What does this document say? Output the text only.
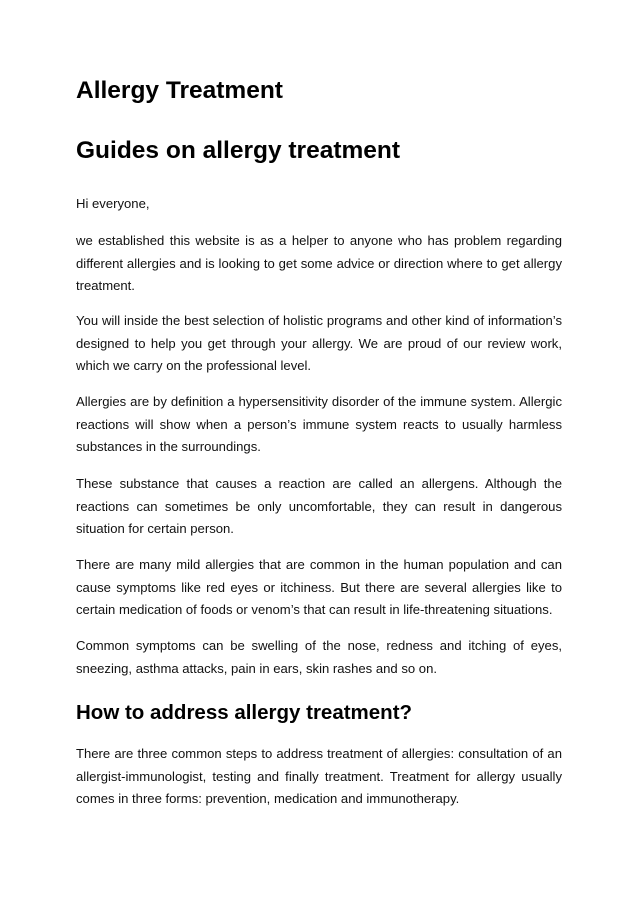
Allergy Treatment
Guides on allergy treatment

Hi everyone,

we established this website is as a helper to anyone who has problem regarding different allergies and is looking to get some advice or direction where to get allergy treatment.

You will inside the best selection of holistic programs and other kind of information’s designed to help you get through your allergy. We are proud of our review work, which we carry on the professional level.

Allergies are by definition a hypersensitivity disorder of the immune system. Allergic reactions will show when a person’s immune system reacts to usually harmless substances in the surroundings.

These substance that causes a reaction are called an allergens. Although the reactions can sometimes be only uncomfortable, they can result in dangerous situation for certain person.

There are many mild allergies that are common in the human population and can cause symptoms like red eyes or itchiness. But there are several allergies like to certain medication of foods or venom’s that can result in life-threatening situations.

Common symptoms can be swelling of the nose, redness and itching of eyes, sneezing, asthma attacks, pain in ears, skin rashes and so on.

How to address allergy treatment?

There are three common steps to address treatment of allergies: consultation of an allergist-immunologist, testing and finally treatment. Treatment for allergy usually comes in three forms: prevention, medication and immunotherapy.
